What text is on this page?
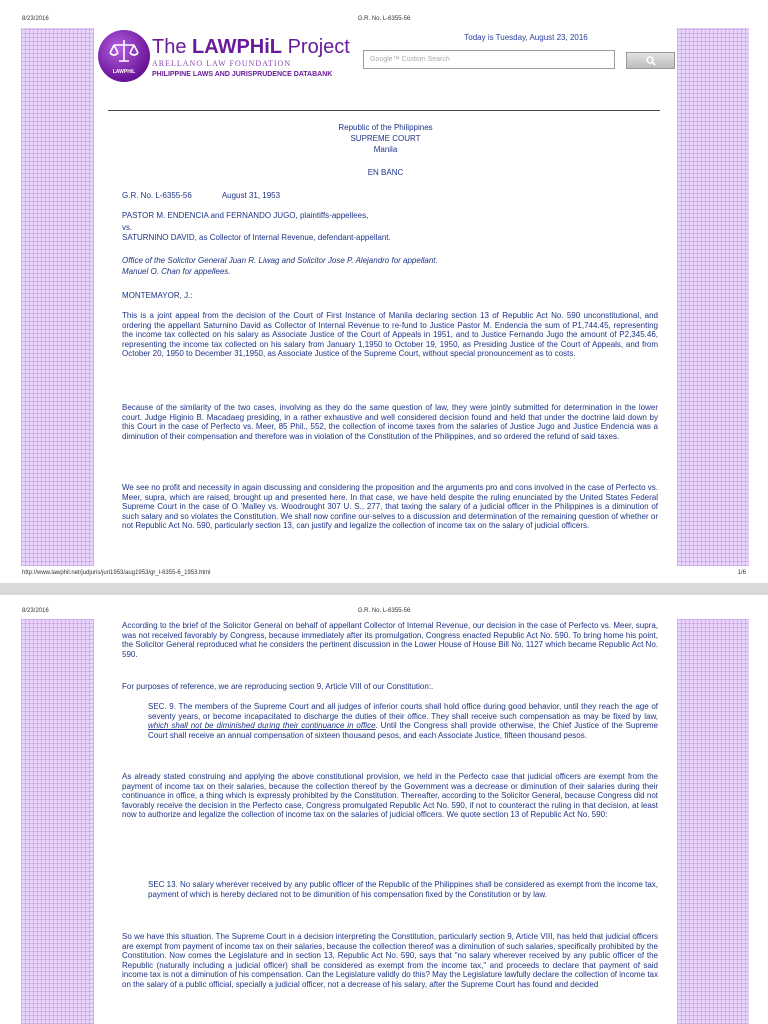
8/23/2016	G.R. No. L-6355-56
LAWPHiL
The LAWPHiL Project
ARELLANO LAW FOUNDATION
PHILIPPINE LAWS AND JURISPRUDENCE DATABANK
Today is Tuesday, August 23, 2016
Google™ Custom Search
Republic of the Philippines
SUPREME COURT
Manila
EN BANC
G.R. No. L-6355-56	August 31, 1953
PASTOR M. ENDENCIA and FERNANDO JUGO, plaintiffs-appellees,
vs.
SATURNINO DAVID, as Collector of Internal Revenue, defendant-appellant.
Office of the Solicitor General Juan R. Liwag and Solicitor Jose P. Alejandro for appellant.
Manuel O. Chan for appellees.
MONTEMAYOR, J.:
This is a joint appeal from the decision of the Court of First Instance of Manila declaring section 13 of Republic Act No. 590 unconstitutional, and ordering the appellant Saturnino David as Collector of Internal Revenue to re-fund to Justice Pastor M. Endencia the sum of P1,744.45, representing the income tax collected on his salary as Associate Justice of the Court of Appeals in 1951, and to Justice Fernando Jugo the amount of P2,345.46, representing the income tax collected on his salary from January 1,1950 to October 19, 1950, as Presiding Justice of the Court of Appeals, and from October 20, 1950 to December 31,1950, as Associate Justice of the Supreme Court, without special pronouncement as to costs.
Because of the similarity of the two cases, involving as they do the same question of law, they were jointly submitted for determination in the lower court. Judge Higinio B. Macadaeg presiding, in a rather exhaustive and well considered decision found and held that under the doctrine laid down by this Court in the case of Perfecto vs. Meer, 85 Phil., 552, the collection of income taxes from the salaries of Justice Jugo and Justice Endencia was a diminution of their compensation and therefore was in violation of the Constitution of the Philippines, and so ordered the refund of said taxes.
We see no profit and necessity in again discussing and considering the proposition and the arguments pro and cons involved in the case of Perfecto vs. Meer, supra, which are raised, brought up and presented here. In that case, we have held despite the ruling enunciated by the United States Federal Supreme Court in the case of O 'Malley vs. Woodrought 307 U. S., 277, that taxing the salary of a judicial officer in the Philippines is a diminution of such salary and so violates the Constitution. We shall now confine our-selves to a discussion and determination of the remaining question of whether or not Republic Act No. 590, particularly section 13, can justify and legalize the collection of income tax on the salary of judicial officers.
http://www.lawphil.net/judjuris/juri1953/aug1953/gr_l-6355-6_1953.html	1/6
8/23/2016	G.R. No. L-6355-56
According to the brief of the Solicitor General on behalf of appellant Collector of Internal Revenue, our decision in the case of Perfecto vs. Meer, supra, was not received favorably by Congress, because immediately after its promulgation, Congress enacted Republic Act No. 590. To bring home his point, the Solicitor General reproduced what he considers the pertinent discussion in the Lower House of House Bill No. 1127 which became Republic Act No. 590.
For purposes of reference, we are reproducing section 9, Article VIII of our Constitution:.
SEC. 9. The members of the Supreme Court and all judges of inferior courts shall hold office during good behavior, until they reach the age of seventy years, or become incapacitated to discharge the duties of their office. They shall receive such compensation as may be fixed by law, which shall not be diminished during their continuance in office. Until the Congress shall provide otherwise, the Chief Justice of the Supreme Court shall receive an annual compensation of sixteen thousand pesos, and each Associate Justice, fifteen thousand pesos.
As already stated construing and applying the above constitutional provision, we held in the Perfecto case that judicial officers are exempt from the payment of income tax on their salaries, because the collection thereof by the Government was a decrease or diminution of their salaries during their continuance in office, a thing which is expressly prohibited by the Constitution. Thereafter, according to the Solicitor General, because Congress did not favorably receive the decision in the Perfecto case, Congress promulgated Republic Act No. 590, if not to counteract the ruling in that decision, at least now to authorize and legalize the collection of income tax on the salaries of judicial officers. We quote section 13 of Republic Act No. 590:
SEC 13. No salary wherever received by any public officer of the Republic of the Philippines shall be considered as exempt from the income tax, payment of which is hereby declared not to be dimunition of his compensation fixed by the Constitution or by law.
So we have this situation. The Supreme Court in a decision interpreting the Constitution, particularly section 9, Article VIII, has held that judicial officers are exempt from payment of income tax on their salaries, because the collection thereof was a diminution of such salaries, specifically prohibited by the Constitution. Now comes the Legislature and in section 13, Republic Act No. 590, says that "no salary wherever received by any public officer of the Republic (naturally including a judicial officer) shall be considered as exempt from the income tax," and proceeds to declare that payment of said income tax is not a diminution of his compensation. Can the Legislature validly do this? May the Legislature lawfully declare the collection of income tax on the salary of a public official, specially a judicial officer, not a decrease of his salary, after the Supreme Court has found and decided
